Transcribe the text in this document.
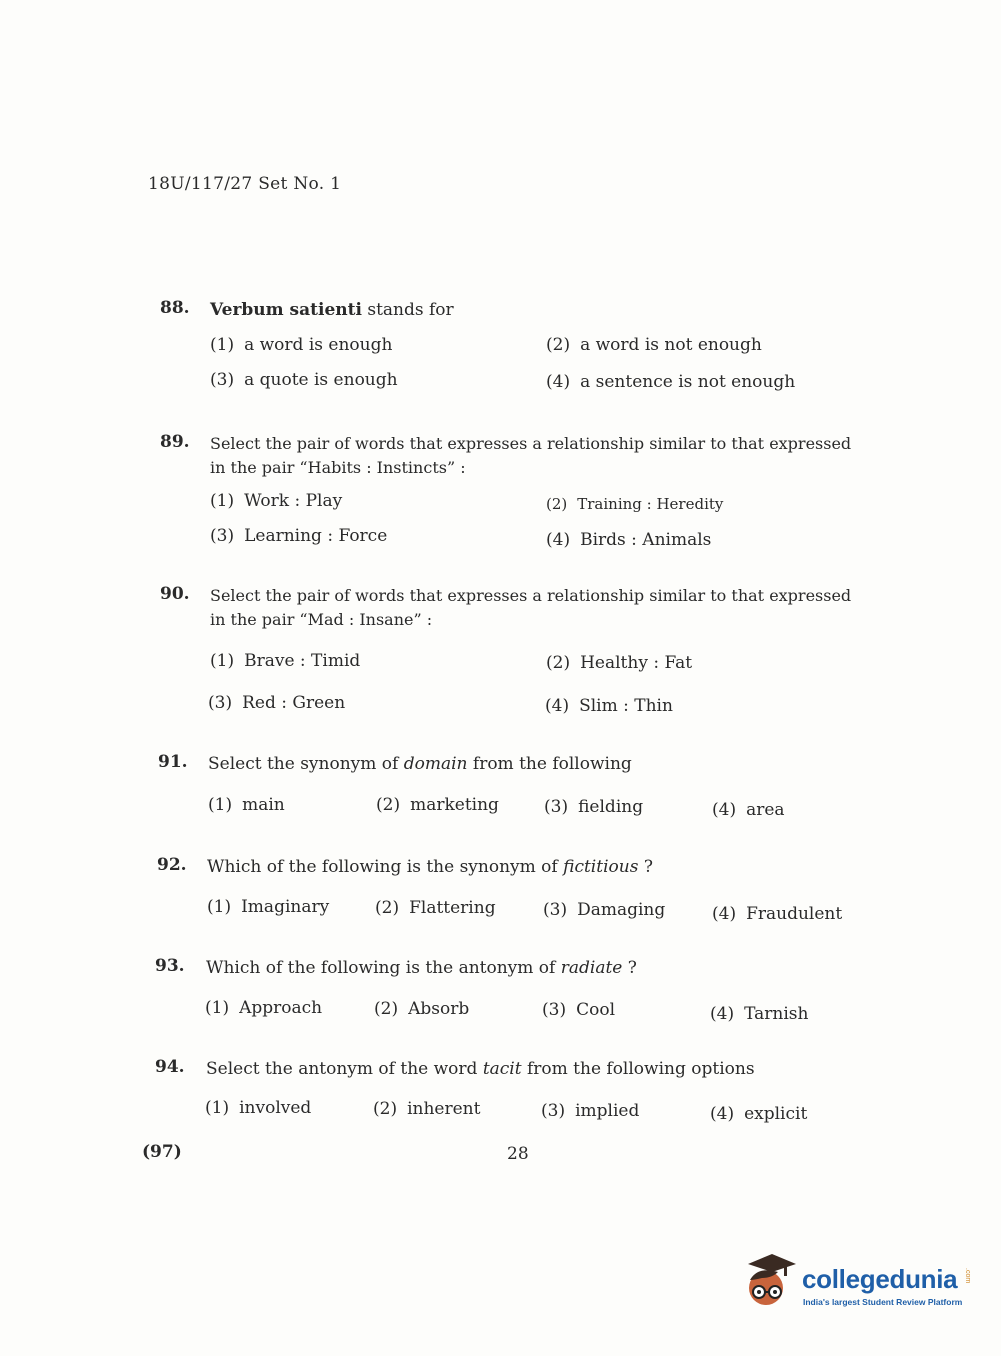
18U/117/27 Set No. 1
88. Verbum satienti stands for
(1) a word is enough	(2) a word is not enough
(3) a quote is enough	(4) a sentence is not enough
89. Select the pair of words that expresses a relationship similar to that expressed
in the pair “Habits : Instincts” :
(1) Work : Play	(2) Training : Heredity
(3) Learning : Force	(4) Birds : Animals
90. Select the pair of words that expresses a relationship similar to that expressed
in the pair “Mad : Insane” :
(1) Brave : Timid	(2) Healthy : Fat
(3) Red : Green	(4) Slim : Thin
91. Select the synonym of domain from the following
(1) main	(2) marketing	(3) fielding	(4) area
92. Which of the following is the synonym of fictitious ?
(1) Imaginary	(2) Flattering	(3) Damaging	(4) Fraudulent
93. Which of the following is the antonym of radiate ?
(1) Approach	(2) Absorb	(3) Cool	(4) Tarnish
94. Select the antonym of the word tacit from the following options
(1) involved	(2) inherent	(3) implied	(4) explicit
(97)	28
collegedunia .com
India's largest Student Review Platform
